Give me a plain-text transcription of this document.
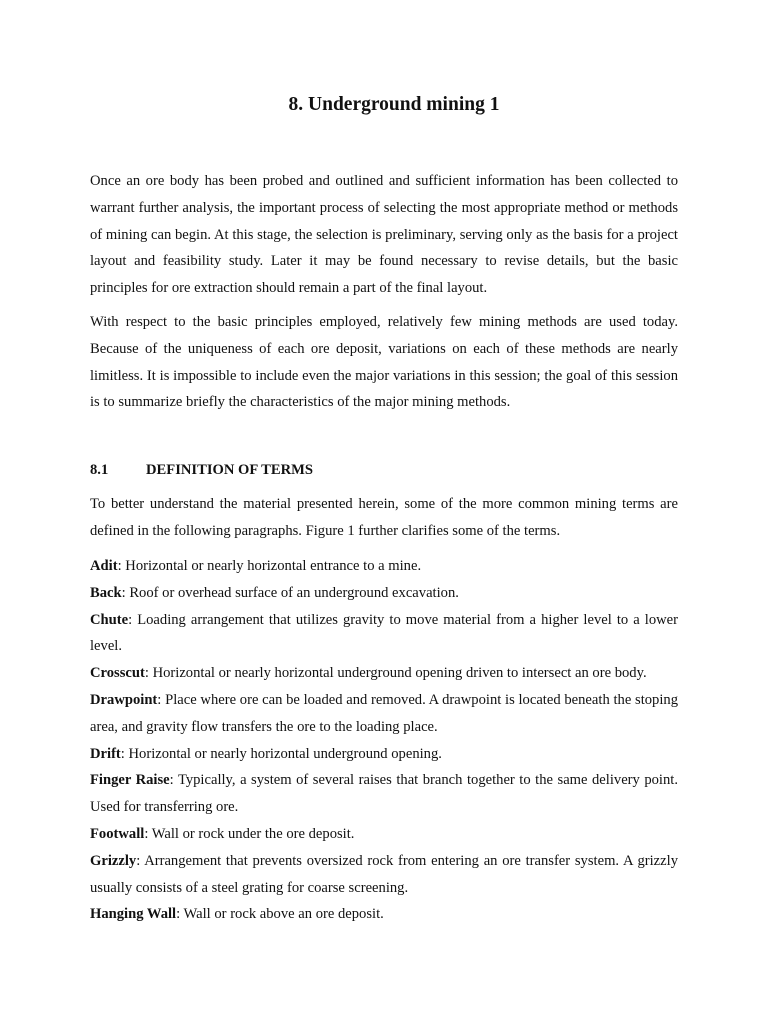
8. Underground mining 1

Once an ore body has been probed and outlined and sufficient information has been collected to warrant further analysis, the important process of selecting the most appropriate method or methods of mining can begin. At this stage, the selection is preliminary, serving only as the basis for a project layout and feasibility study. Later it may be found necessary to revise details, but the basic principles for ore extraction should remain a part of the final layout.

With respect to the basic principles employed, relatively few mining methods are used today. Because of the uniqueness of each ore deposit, variations on each of these methods are nearly limitless. It is impossible to include even the major variations in this session; the goal of this session is to summarize briefly the characteristics of the major mining methods.

8.1	DEFINITION OF TERMS

To better understand the material presented herein, some of the more common mining terms are defined in the following paragraphs. Figure 1 further clarifies some of the terms.

Adit: Horizontal or nearly horizontal entrance to a mine.
Back: Roof or overhead surface of an underground excavation.
Chute: Loading arrangement that utilizes gravity to move material from a higher level to a lower level.
Crosscut: Horizontal or nearly horizontal underground opening driven to intersect an ore body.
Drawpoint: Place where ore can be loaded and removed. A drawpoint is located beneath the stoping area, and gravity flow transfers the ore to the loading place.
Drift: Horizontal or nearly horizontal underground opening.
Finger Raise: Typically, a system of several raises that branch together to the same delivery point. Used for transferring ore.
Footwall: Wall or rock under the ore deposit.
Grizzly: Arrangement that prevents oversized rock from entering an ore transfer system. A grizzly usually consists of a steel grating for coarse screening.
Hanging Wall: Wall or rock above an ore deposit.
